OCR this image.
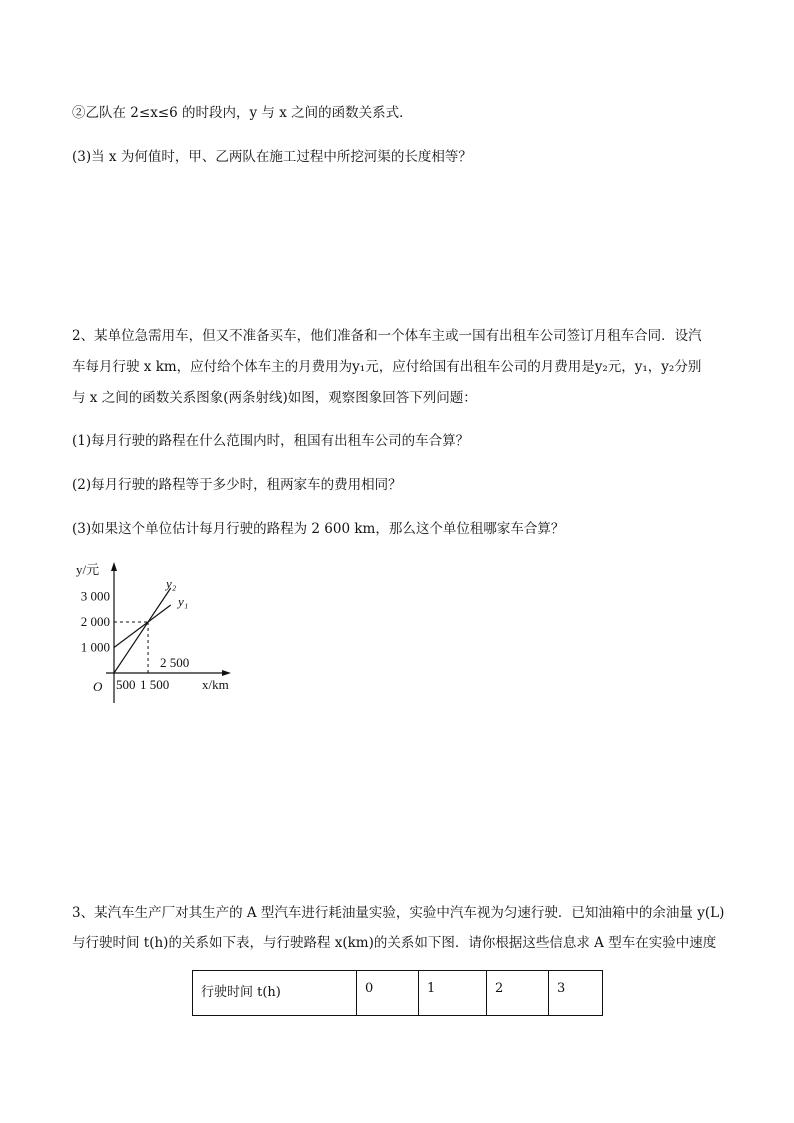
②乙队在 2≤x≤6 的时段内，y 与 x 之间的函数关系式．
(3)当 x 为何值时，甲、乙两队在施工过程中所挖河渠的长度相等？
2、某单位急需用车，但又不准备买车，他们准备和一个体车主或一国有出租车公司签订月租车合同．设汽
车每月行驶 x km，应付给个体车主的月费用为y₁元，应付给国有出租车公司的月费用是y₂元，y₁，y₂分别
与 x 之间的函数关系图象(两条射线)如图，观察图象回答下列问题：
(1)每月行驶的路程在什么范围内时，租国有出租车公司的车合算？
(2)每月行驶的路程等于多少时，租两家车的费用相同？
(3)如果这个单位估计每月行驶的路程为 2 600 km，那么这个单位租哪家车合算？
1 000
2 000
3 000
500 1 500
2 500
O	x/km
y/元
y₂
y₁
3、某汽车生产厂对其生产的 A 型汽车进行耗油量实验，实验中汽车视为匀速行驶．已知油箱中的余油量 y(L)
与行驶时间 t(h)的关系如下表，与行驶路程 x(km)的关系如下图．请你根据这些信息求 A 型车在实验中速度
行驶时间 t(h)	0	1	2	3
